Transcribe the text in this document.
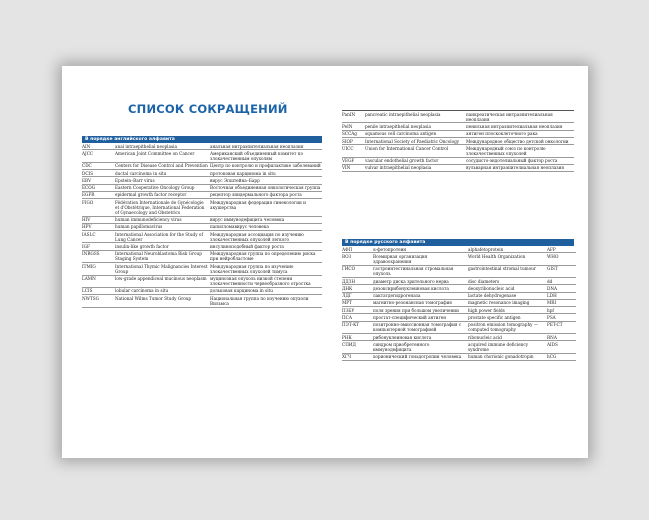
СПИСОК СОКРАЩЕНИЙ
В порядке английского алфавита
AIN	anal intraepithelial neoplasia	анальная интраэпителиальная неоплазия
AJCC	American Joint Committee on Cancer	Американский объединенный комитет по злокачественным опухолям
CDC	Centers for Disease Control and Prevention	Центр по контролю и профилактике заболеваний
DCIS	ductal carcinoma in situ	протоковая карцинома in situ
EBV	Epstein–Barr virus	вирус Эпштейна–Барр
ECOG	Eastern Cooperative Oncology Group	Восточная объединенная онкологическая группа
EGFR	epidermal growth factor receptor	рецептор эпидермального фактора роста
FIGO	Fédération Internationale de Gynécologie et d'Obstétrique, International Federation of Gynaecology and Obstetrics	Международная федерация гинекологии и акушерства
HIV	human immunodeficiency virus	вирус иммунодефицита человека
HPV	human papillomavirus	папилломавирус человека
IASLC	International Association for the Study of Lung Cancer	Международная ассоциация по изучению злокачественных опухолей легкого
IGF	insulin-like growth factor	инсулиноподобный фактор роста
INRGSS	International Neuroblastoma Risk Group Staging System	Международная группа по определению риска при нейробластоме
ITMIG	International Thymic Malignancies Interest Group	Международная группа по изучению злокачественных опухолей тимуса
LAMN	low-grade appendiceal mucinous neoplasm	муцинозная опухоль низкой степени злокачественности червеобразного отростка
LCIS	lobular carcinoma in situ	дольковая карцинома in situ
NWTSG	National Wilms Tumor Study Group	Национальная группа по изучению опухоли Вильмса
PanIN	pancreatic intraepithelial neoplasia	панкреатическая интраэпителиальная неоплазия
PeIN	penile intraepithelial neoplasia	пенильная интраэпителиальная неоплазия
SCCAg	squamous cell carcinoma antigen	антиген плоскоклеточного рака
SIOP	International Society of Paediatric Oncology	Международное общество детской онкологии
UICC	Union for International Cancer Control	Международный союз по контролю злокачественных опухолей
VEGF	vascular endothelial growth factor	сосудисто-эндотелиальный фактор роста
VIN	vulvar intraepithelial neoplasia	вульварная интраэпителиальная неоплазия
В порядке русского алфавита
АФП	α-фетопротеин	alphafetoprotein	AFP
ВОЗ	Всемирная организация здравоохранения	World Health Organization	WHO
ГИСО	гастроинтестинальная стромальная опухоль	gastrointestinal stromal tumour	GIST
ДДЗН	диаметр диска зрительного нерва	disc diameters	dd
ДНК	дезоксирибонуклеиновая кислота	deoxyribonucleic acid	DNA
ЛДГ	лактатдегидрогеназа	lactate dehydrogenase	LDH
МРТ	магнитно-резонансная томография	magnetic resonance imaging	MRI
ПЗБУ	поля зрения при большом увеличении	high power fields	hpf
ПСА	простат-специфический антиген	prostate specific antigen	PSA
ПЭТ-КТ	позитронно-эмиссионная томография с компьютерной томографией	positron emission tomography — computed tomography	PET-CT
РНК	рибонуклеиновая кислота	ribonucleic acid	RNA
СПИД	синдром приобретенного иммунодефицита	acquired immune deficiency syndrome	AIDS
ХГЧ	хорионический гонадотропин человека	human chorionic gonadotropin	hCG
